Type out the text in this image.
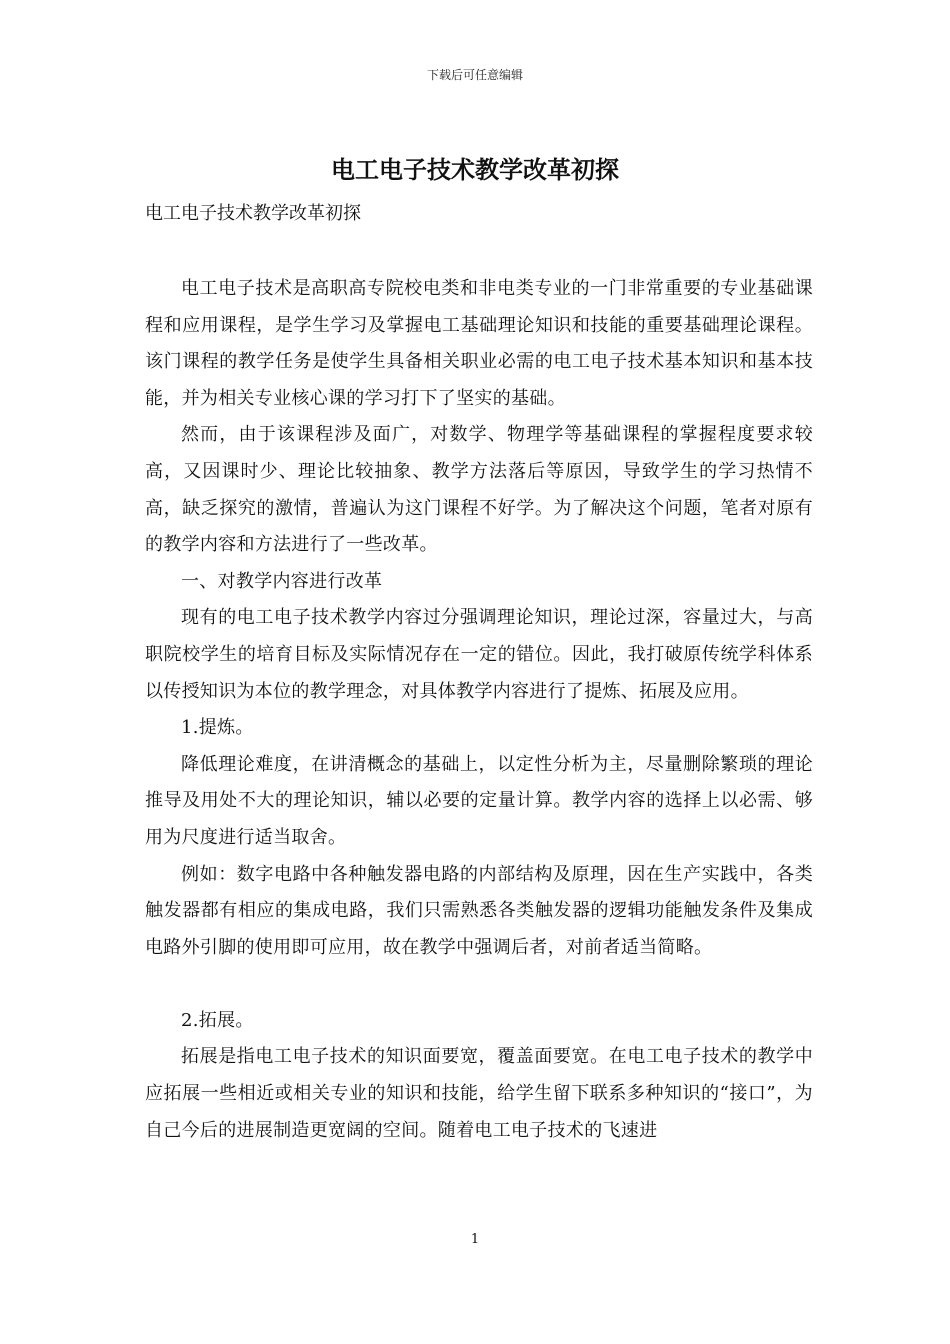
下载后可任意编辑
电工电子技术教学改革初探
电工电子技术教学改革初探

电工电子技术是高职高专院校电类和非电类专业的一门非常重要的专业基础课程和应用课程，是学生学习及掌握电工基础理论知识和技能的重要基础理论课程。该门课程的教学任务是使学生具备相关职业必需的电工电子技术基本知识和基本技能，并为相关专业核心课的学习打下了坚实的基础。

然而，由于该课程涉及面广，对数学、物理学等基础课程的掌握程度要求较高，又因课时少、理论比较抽象、教学方法落后等原因，导致学生的学习热情不高，缺乏探究的激情，普遍认为这门课程不好学。为了解决这个问题，笔者对原有的教学内容和方法进行了一些改革。

一、对教学内容进行改革

现有的电工电子技术教学内容过分强调理论知识，理论过深，容量过大，与高职院校学生的培育目标及实际情况存在一定的错位。因此，我打破原传统学科体系以传授知识为本位的教学理念，对具体教学内容进行了提炼、拓展及应用。

1.提炼。

降低理论难度，在讲清概念的基础上，以定性分析为主，尽量删除繁琐的理论推导及用处不大的理论知识，辅以必要的定量计算。教学内容的选择上以必需、够用为尺度进行适当取舍。

例如：数字电路中各种触发器电路的内部结构及原理，因在生产实践中，各类触发器都有相应的集成电路，我们只需熟悉各类触发器的逻辑功能触发条件及集成电路外引脚的使用即可应用，故在教学中强调后者，对前者适当简略。

2.拓展。

拓展是指电工电子技术的知识面要宽，覆盖面要宽。在电工电子技术的教学中应拓展一些相近或相关专业的知识和技能，给学生留下联系多种知识的“接口”，为自己今后的进展制造更宽阔的空间。随着电工电子技术的飞速进

1
